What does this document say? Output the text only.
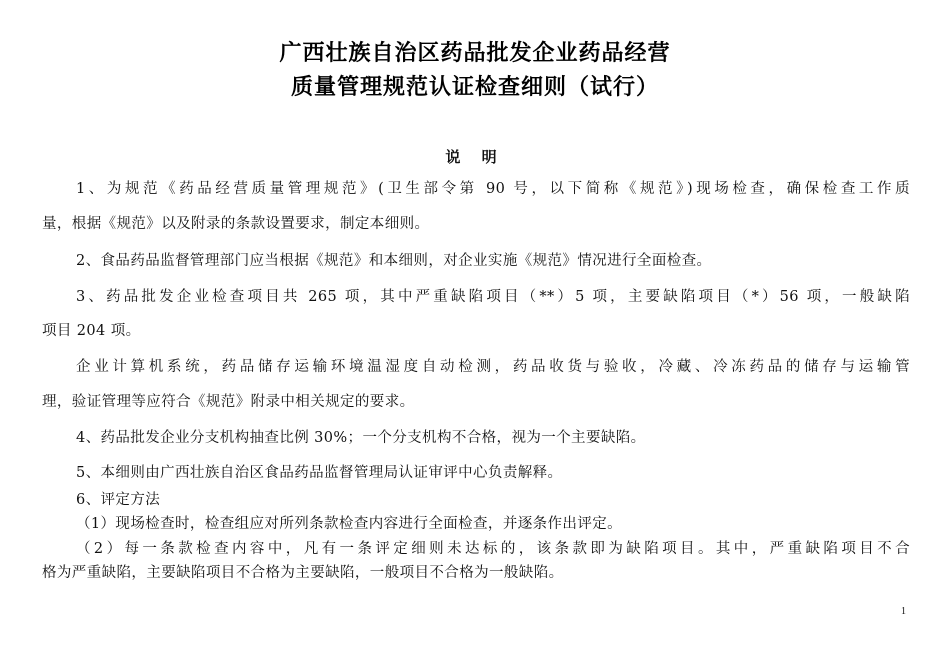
广西壮族自治区药品批发企业药品经营
质量管理规范认证检查细则（试行）
说 明
1、为规范《药品经营质量管理规范》(卫生部令第 90 号，以下简称《规范》)现场检查，确保检查工作质
量，根据《规范》以及附录的条款设置要求，制定本细则。
2、食品药品监督管理部门应当根据《规范》和本细则，对企业实施《规范》情况进行全面检查。
3、药品批发企业检查项目共 265 项，其中严重缺陷项目（**）5 项，主要缺陷项目（*）56 项，一般缺陷
项目 204 项。
企业计算机系统，药品储存运输环境温湿度自动检测，药品收货与验收，冷藏、冷冻药品的储存与运输管
理，验证管理等应符合《规范》附录中相关规定的要求。
4、药品批发企业分支机构抽查比例 30%；一个分支机构不合格，视为一个主要缺陷。
5、本细则由广西壮族自治区食品药品监督管理局认证审评中心负责解释。
6、评定方法
（1）现场检查时，检查组应对所列条款检查内容进行全面检查，并逐条作出评定。
（2）每一条款检查内容中，凡有一条评定细则未达标的，该条款即为缺陷项目。其中，严重缺陷项目不合
格为严重缺陷，主要缺陷项目不合格为主要缺陷，一般项目不合格为一般缺陷。
1
